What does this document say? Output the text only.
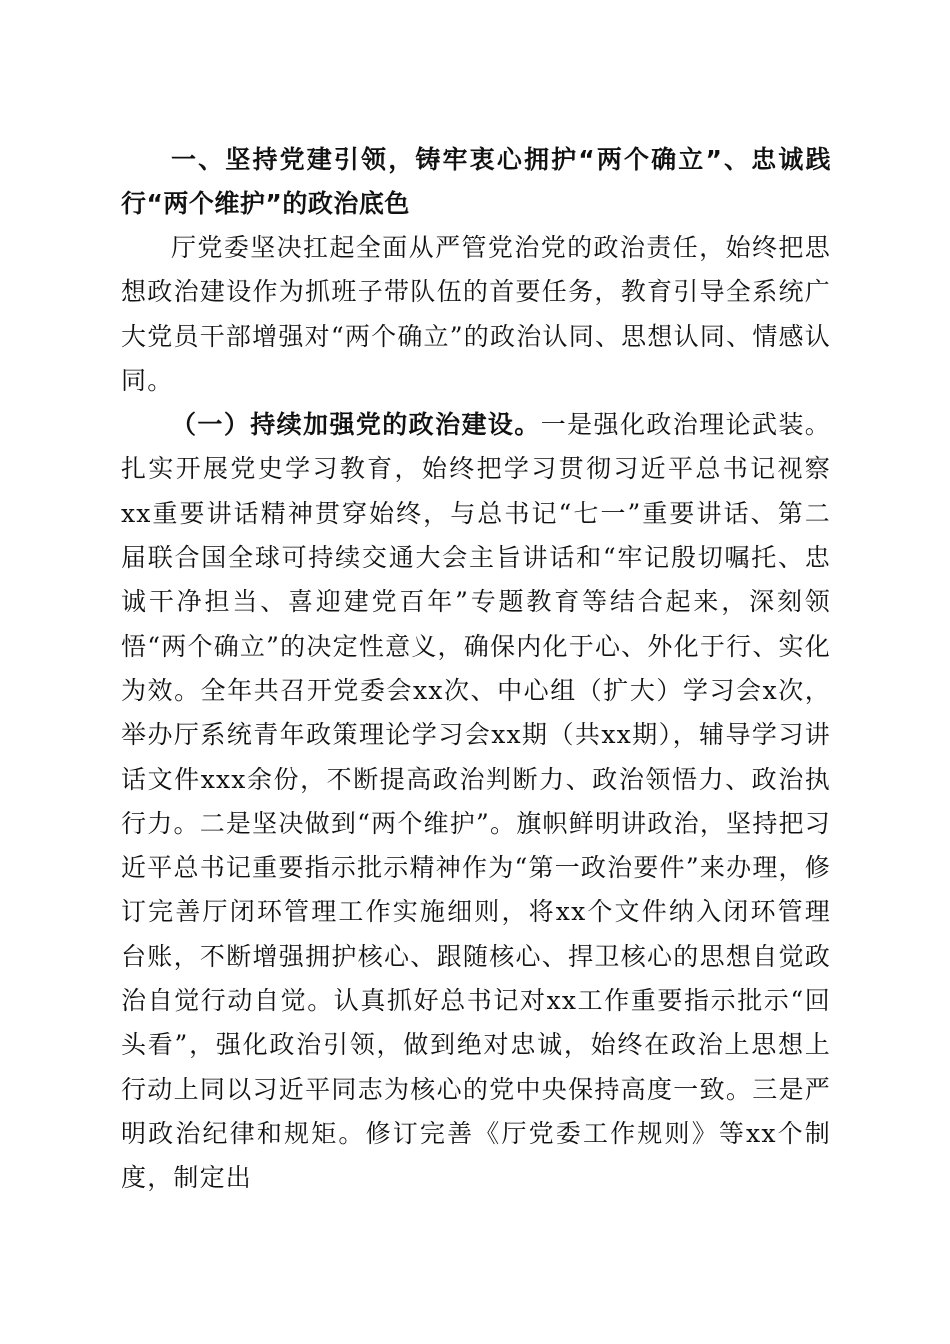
一、坚持党建引领，铸牢衷心拥护“两个确立”、忠诚践行“两个维护”的政治底色

厅党委坚决扛起全面从严管党治党的政治责任，始终把思想政治建设作为抓班子带队伍的首要任务，教育引导全系统广大党员干部增强对“两个确立”的政治认同、思想认同、情感认同。

（一）持续加强党的政治建设。一是强化政治理论武装。扎实开展党史学习教育，始终把学习贯彻习近平总书记视察xx重要讲话精神贯穿始终，与总书记“七一”重要讲话、第二届联合国全球可持续交通大会主旨讲话和“牢记殷切嘱托、忠诚干净担当、喜迎建党百年”专题教育等结合起来，深刻领悟“两个确立”的决定性意义，确保内化于心、外化于行、实化为效。全年共召开党委会xx次、中心组（扩大）学习会x次，举办厅系统青年政策理论学习会xx期（共xx期），辅导学习讲话文件xxx余份，不断提高政治判断力、政治领悟力、政治执行力。二是坚决做到“两个维护”。旗帜鲜明讲政治，坚持把习近平总书记重要指示批示精神作为“第一政治要件”来办理，修订完善厅闭环管理工作实施细则，将xx个文件纳入闭环管理台账，不断增强拥护核心、跟随核心、捍卫核心的思想自觉政治自觉行动自觉。认真抓好总书记对xx工作重要指示批示“回头看”，强化政治引领，做到绝对忠诚，始终在政治上思想上行动上同以习近平同志为核心的党中央保持高度一致。三是严明政治纪律和规矩。修订完善《厅党委工作规则》等xx个制度，制定出
